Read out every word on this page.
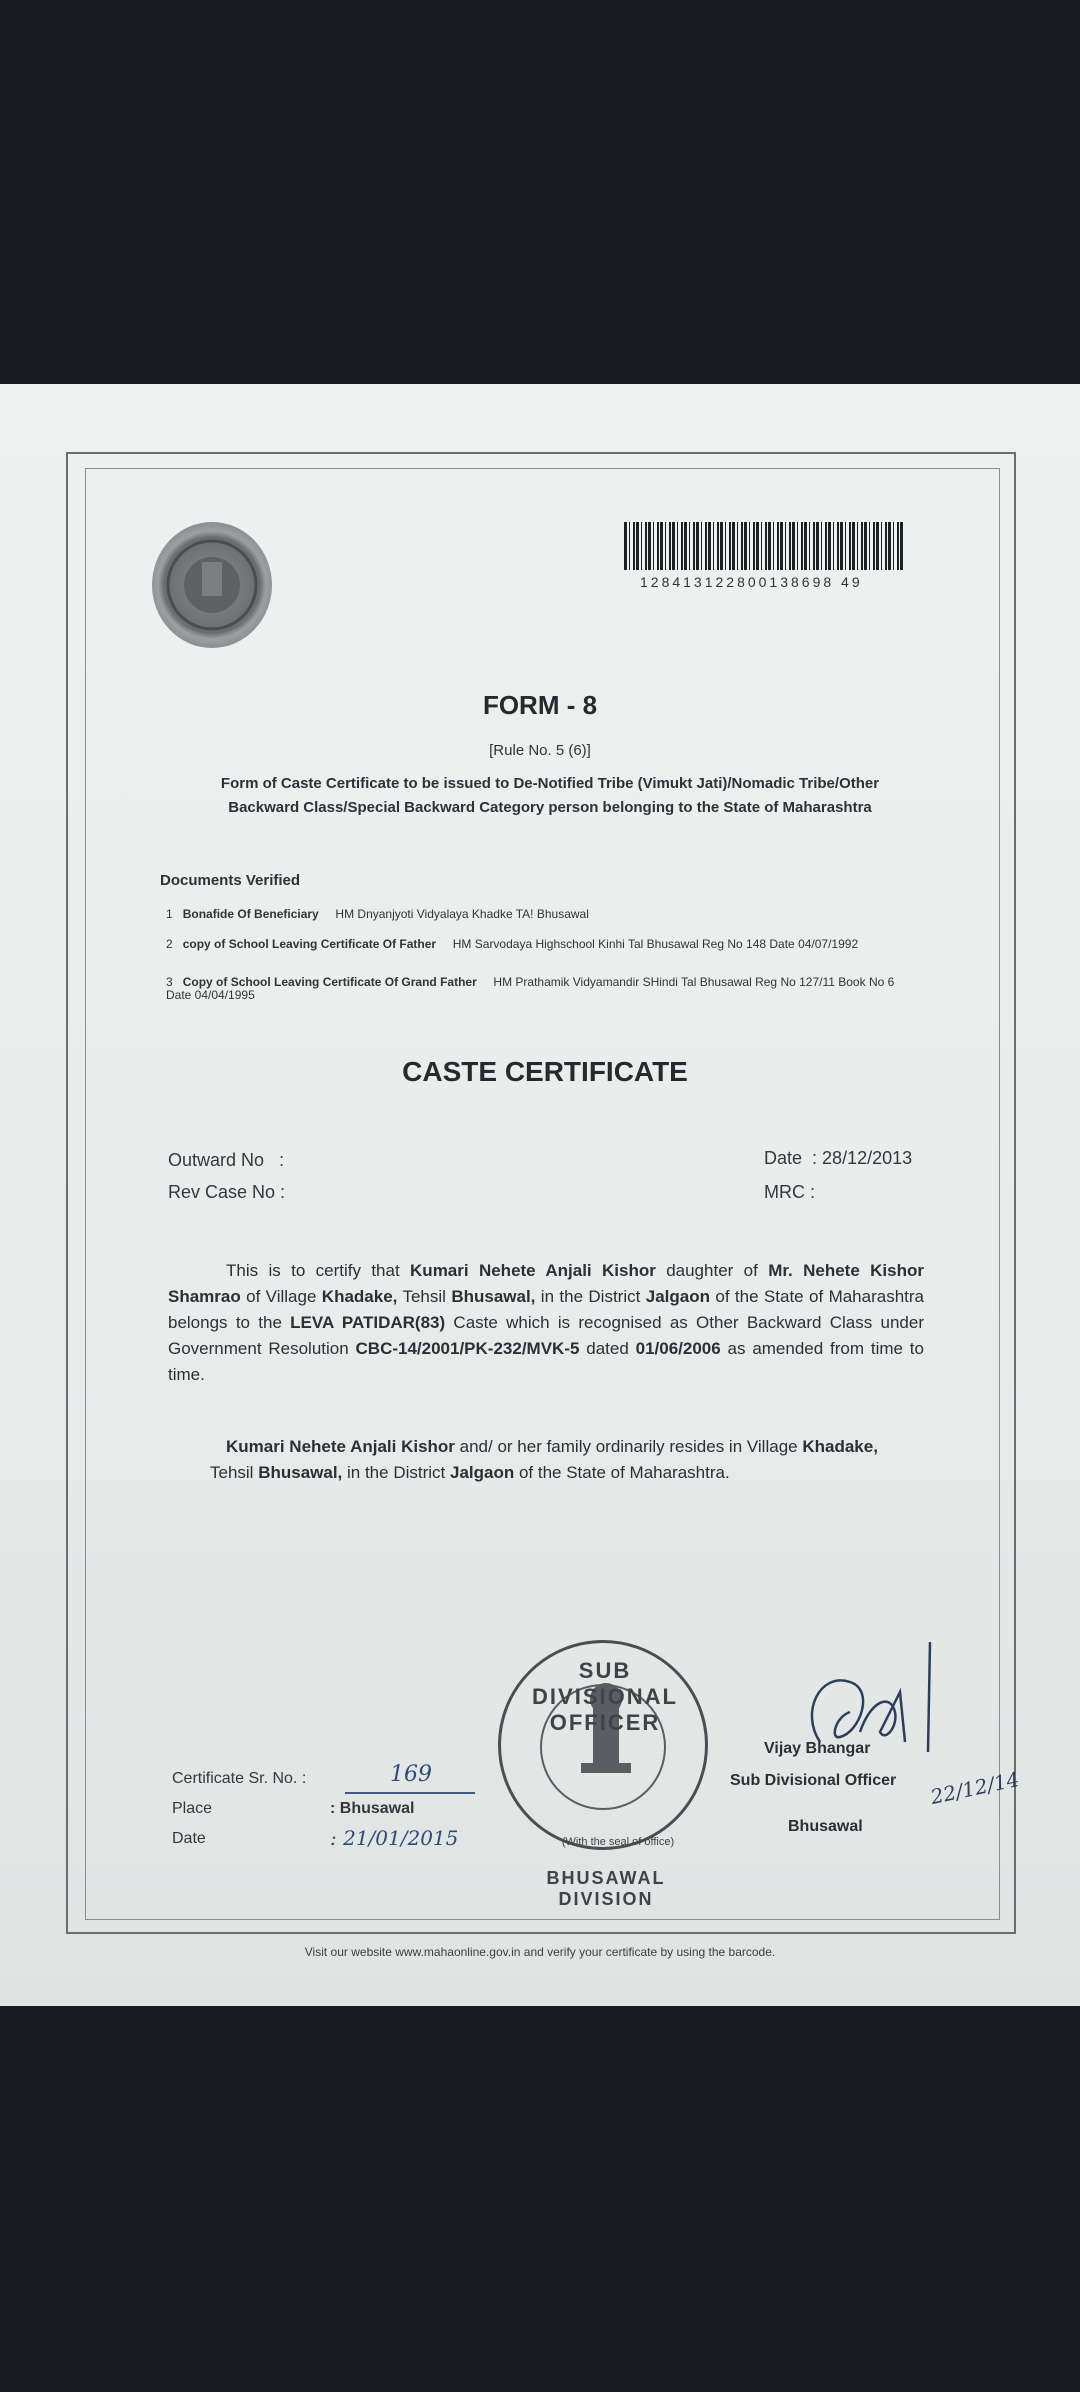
128413122800138698 49
FORM - 8
[Rule No. 5 (6)]
Form of Caste Certificate to be issued to De-Notified Tribe (Vimukt Jati)/Nomadic Tribe/Other
Backward Class/Special Backward Category person belonging to the State of Maharashtra
Documents Verified
1 Bonafide Of Beneficiary HM Dnyanjyoti Vidyalaya Khadke TA! Bhusawal
2 copy of School Leaving Certificate Of Father HM Sarvodaya Highschool Kinhi Tal Bhusawal Reg No 148 Date 04/07/1992
3 Copy of School Leaving Certificate Of Grand Father HM Prathamik Vidyamandir SHindi Tal Bhusawal Reg No 127/11 Book No 6 Date 04/04/1995
CASTE CERTIFICATE
Outward No :
Rev Case No :
Date : 28/12/2013
MRC :
This is to certify that Kumari Nehete Anjali Kishor daughter of Mr. Nehete Kishor Shamrao of Village Khadake, Tehsil Bhusawal, in the District Jalgaon of the State of Maharashtra belongs to the LEVA PATIDAR(83) Caste which is recognised as Other Backward Class under Government Resolution CBC-14/2001/PK-232/MVK-5 dated 01/06/2006 as amended from time to time.
Kumari Nehete Anjali Kishor and/ or her family ordinarily resides in Village Khadake,
Tehsil Bhusawal, in the District Jalgaon of the State of Maharashtra.
SUB DIVISIONAL OFFICER
(With the seal of office)
BHUSAWAL DIVISION
Certificate Sr. No. :	169
Place	: Bhusawal
Date	: 21/01/2015
Vijay Bhangar
Sub Divisional Officer
Bhusawal
22/12/14
Visit our website www.mahaonline.gov.in and verify your certificate by using the barcode.
